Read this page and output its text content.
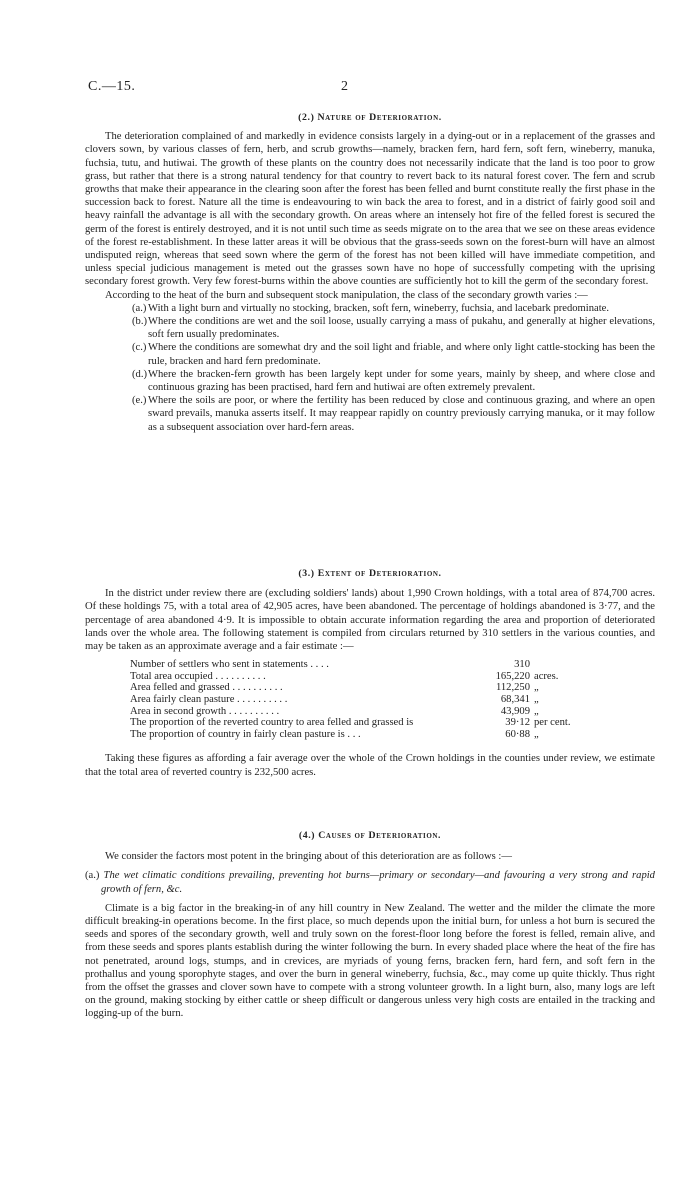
C.—15.	2
(2.) Nature of Deterioration.

The deterioration complained of and markedly in evidence consists largely in a dying-out or in a replacement of the grasses and clovers sown, by various classes of fern, herb, and scrub growths—namely, bracken fern, hard fern, soft fern, wineberry, manuka, fuchsia, tutu, and hutiwai. The growth of these plants on the country does not necessarily indicate that the land is too poor to grow grass, but rather that there is a strong natural tendency for that country to revert back to its natural forest cover. The fern and scrub growths that make their appearance in the clearing soon after the forest has been felled and burnt constitute really the first phase in the succession back to forest. Nature all the time is endeavouring to win back the area to forest, and in a district of fairly good soil and heavy rainfall the advantage is all with the secondary growth. On areas where an intensely hot fire of the felled forest is secured the germ of the forest is entirely destroyed, and it is not until such time as seeds migrate on to the area that we see on these areas evidence of the forest re-establishment. In these latter areas it will be obvious that the grass-seeds sown on the forest-burn will have an almost undisputed reign, whereas that seed sown where the germ of the forest has not been killed will have immediate competition, and unless special judicious management is meted out the grasses sown have no hope of successfully competing with the uprising secondary forest growth. Very few forest-burns within the above counties are sufficiently hot to kill the germ of the secondary forest.

According to the heat of the burn and subsequent stock manipulation, the class of the secondary growth varies :—

(a.) With a light burn and virtually no stocking, bracken, soft fern, wineberry, fuchsia, and lacebark predominate.
(b.) Where the conditions are wet and the soil loose, usually carrying a mass of pukahu, and generally at higher elevations, soft fern usually predominates.
(c.) Where the conditions are somewhat dry and the soil light and friable, and where only light cattle-stocking has been the rule, bracken and hard fern predominate.
(d.) Where the bracken-fern growth has been largely kept under for some years, mainly by sheep, and where close and continuous grazing has been practised, hard fern and hutiwai are often extremely prevalent.
(e.) Where the soils are poor, or where the fertility has been reduced by close and continuous grazing, and where an open sward prevails, manuka asserts itself. It may reappear rapidly on country previously carrying manuka, or it may follow as a subsequent association over hard-fern areas.
(3.) Extent of Deterioration.

In the district under review there are (excluding soldiers' lands) about 1,990 Crown holdings, with a total area of 874,700 acres. Of these holdings 75, with a total area of 42,905 acres, have been abandoned. The percentage of holdings abandoned is 3·77, and the percentage of area abandoned 4·9. It is impossible to obtain accurate information regarding the area and proportion of deteriorated lands over the whole area. The following statement is compiled from circulars returned by 310 settlers in the various counties, and may be taken as an approximate average and a fair estimate :—

Number of settlers who sent in statements . . . .	310	
Total area occupied . . . . . . . . . .	165,220	acres.
Area felled and grassed . . . . . . . . . .	112,250	„
Area fairly clean pasture . . . . . . . . . .	68,341	„
Area in second growth . . . . . . . . . .	43,909	„
The proportion of the reverted country to area felled and grassed is	39·12	per cent.
The proportion of country in fairly clean pasture is . . .	60·88	„

Taking these figures as affording a fair average over the whole of the Crown holdings in the counties under review, we estimate that the total area of reverted country is 232,500 acres.

(4.) Causes of Deterioration.

We consider the factors most potent in the bringing about of this deterioration are as follows :—

(a.) The wet climatic conditions prevailing, preventing hot burns—primary or secondary—and favouring a very strong and rapid growth of fern, &c.

Climate is a big factor in the breaking-in of any hill country in New Zealand. The wetter and the milder the climate the more difficult breaking-in operations become. In the first place, so much depends upon the initial burn, for unless a hot burn is secured the seeds and spores of the secondary growth, well and truly sown on the forest-floor long before the forest is felled, remain alive, and from these seeds and spores plants establish during the winter following the burn. In every shaded place where the heat of the fire has not penetrated, around logs, stumps, and in crevices, are myriads of young ferns, bracken fern, hard fern, and soft fern in the prothallus and young sporophyte stages, and over the burn in general wineberry, fuchsia, &c., may come up quite thickly. Thus right from the offset the grasses and clover sown have to compete with a strong volunteer growth. In a light burn, also, many logs are left on the ground, making stocking by either cattle or sheep difficult or dangerous unless very high costs are entailed in the tracking and logging-up of the burn.
